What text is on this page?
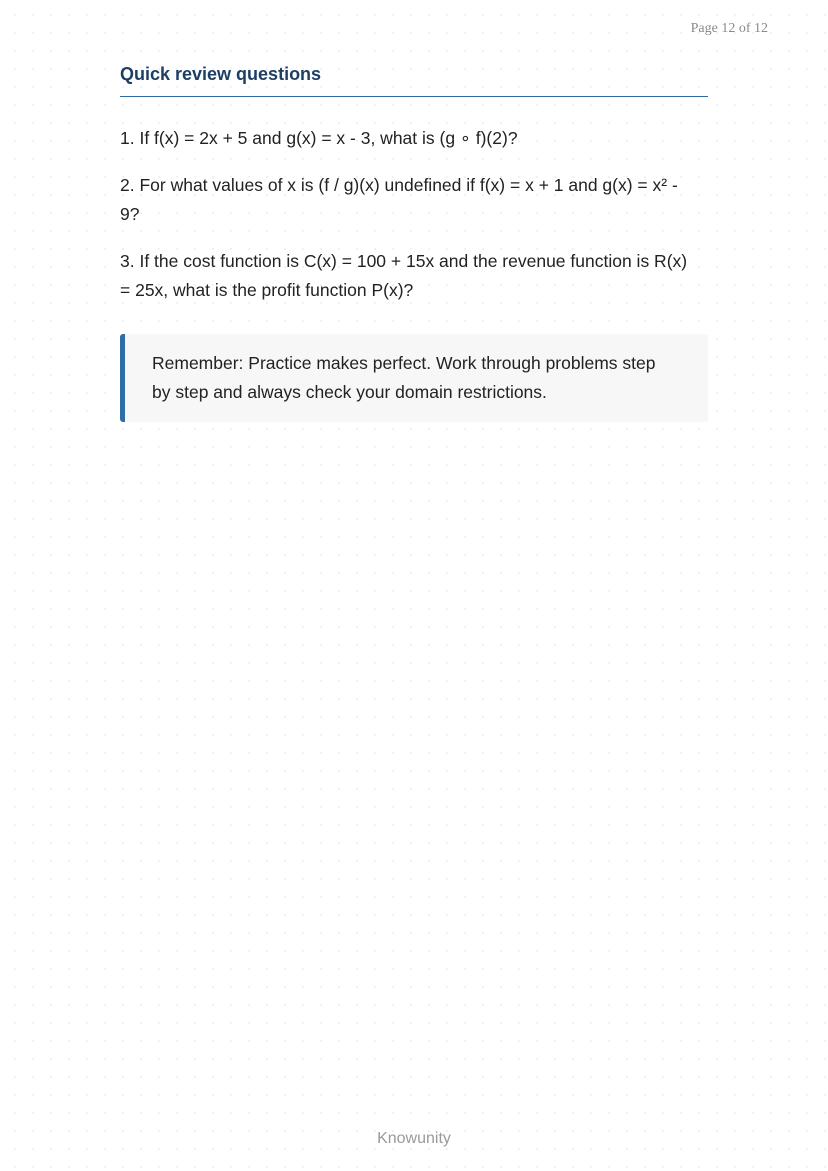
Page 12 of 12
Quick review questions
1. If f(x) = 2x + 5 and g(x) = x - 3, what is (g ∘ f)(2)?
2. For what values of x is (f / g)(x) undefined if f(x) = x + 1 and g(x) = x² - 9?
3. If the cost function is C(x) = 100 + 15x and the revenue function is R(x) = 25x, what is the profit function P(x)?
Remember: Practice makes perfect. Work through problems step by step and always check your domain restrictions.
Knowunity
